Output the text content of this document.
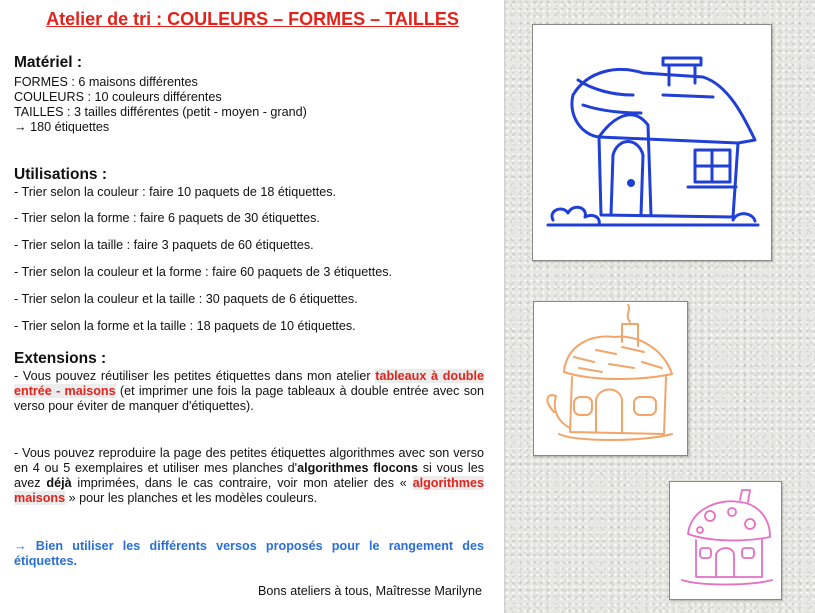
Atelier de tri : COULEURS – FORMES – TAILLES
Matériel :
FORMES : 6 maisons différentes
COULEURS : 10 couleurs différentes
TAILLES : 3 tailles différentes (petit - moyen - grand)
→ 180 étiquettes
Utilisations :
- Trier selon la couleur : faire 10 paquets de 18 étiquettes.
- Trier selon la forme : faire 6 paquets de 30 étiquettes.
- Trier selon la taille : faire 3 paquets de 60 étiquettes.
- Trier selon la couleur et la forme : faire 60 paquets de 3 étiquettes.
- Trier selon la couleur et la taille : 30 paquets de 6 étiquettes.
- Trier selon la forme et la taille : 18 paquets de 10 étiquettes.
Extensions :
- Vous pouvez réutiliser les petites étiquettes dans mon atelier tableaux à double entrée - maisons (et imprimer une fois la page tableaux à double entrée avec son verso pour éviter de manquer d'étiquettes).
- Vous pouvez reproduire la page des petites étiquettes algorithmes avec son verso en 4 ou 5 exemplaires et utiliser mes planches d'algorithmes flocons si vous les avez déjà imprimées, dans le cas contraire, voir mon atelier des « algorithmes maisons » pour les planches et les modèles couleurs.
→ Bien utiliser les différents versos proposés pour le rangement des étiquettes.
Bons ateliers à tous, Maîtresse Marilyne
